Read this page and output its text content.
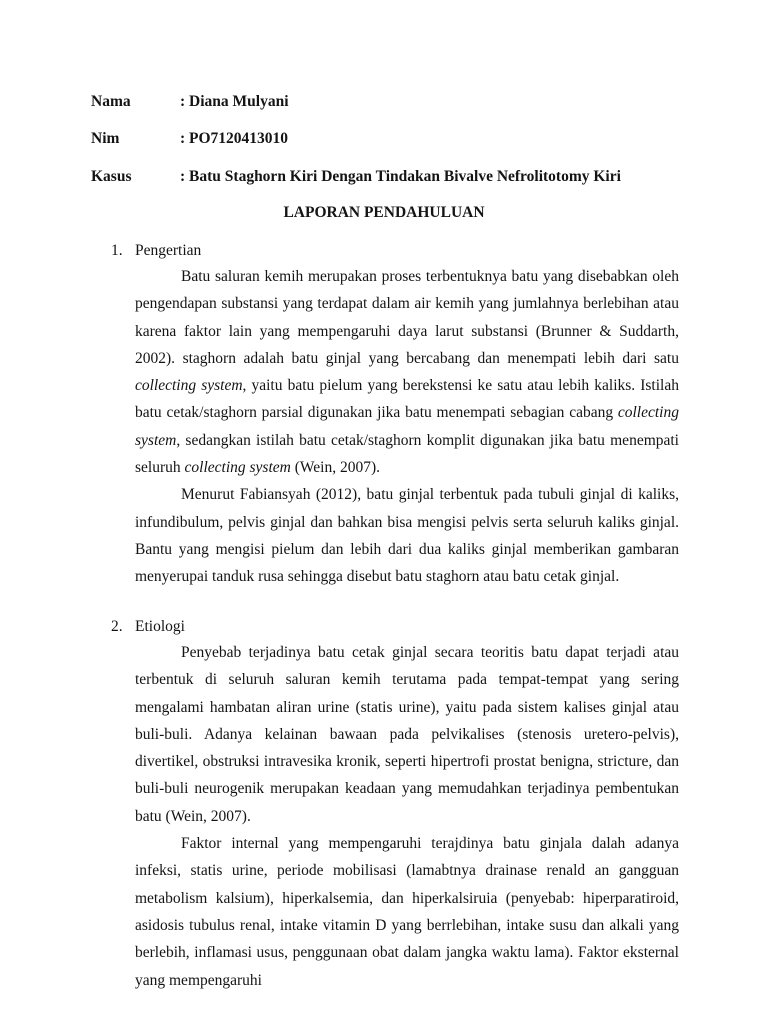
Nama	: Diana Mulyani
Nim	: PO7120413010
Kasus	: Batu Staghorn Kiri Dengan Tindakan Bivalve Nefrolitotomy Kiri
LAPORAN PENDAHULUAN
1. Pengertian

Batu saluran kemih merupakan proses terbentuknya batu yang disebabkan oleh pengendapan substansi yang terdapat dalam air kemih yang jumlahnya berlebihan atau karena faktor lain yang mempengaruhi daya larut substansi (Brunner & Suddarth, 2002). staghorn adalah batu ginjal yang bercabang dan menempati lebih dari satu collecting system, yaitu batu pielum yang berekstensi ke satu atau lebih kaliks. Istilah batu cetak/staghorn parsial digunakan jika batu menempati sebagian cabang collecting system, sedangkan istilah batu cetak/staghorn komplit digunakan jika batu menempati seluruh collecting system (Wein, 2007).

Menurut Fabiansyah (2012), batu ginjal terbentuk pada tubuli ginjal di kaliks, infundibulum, pelvis ginjal dan bahkan bisa mengisi pelvis serta seluruh kaliks ginjal. Bantu yang mengisi pielum dan lebih dari dua kaliks ginjal memberikan gambaran menyerupai tanduk rusa sehingga disebut batu staghorn atau batu cetak ginjal.

2. Etiologi

Penyebab terjadinya batu cetak ginjal secara teoritis batu dapat terjadi atau terbentuk di seluruh saluran kemih terutama pada tempat-tempat yang sering mengalami hambatan aliran urine (statis urine), yaitu pada sistem kalises ginjal atau buli-buli. Adanya kelainan bawaan pada pelvikalises (stenosis uretero-pelvis), divertikel, obstruksi intravesika kronik, seperti hipertrofi prostat benigna, stricture, dan buli-buli neurogenik merupakan keadaan yang memudahkan terjadinya pembentukan batu (Wein, 2007).

Faktor internal yang mempengaruhi terajdinya batu ginjala dalah adanya infeksi, statis urine, periode mobilisasi (lamabtnya drainase renald an gangguan metabolism kalsium), hiperkalsemia, dan hiperkalsiruia (penyebab: hiperparatiroid, asidosis tubulus renal, intake vitamin D yang berrlebihan, intake susu dan alkali yang berlebih, inflamasi usus, penggunaan obat dalam jangka waktu lama). Faktor eksternal yang mempengaruhi
